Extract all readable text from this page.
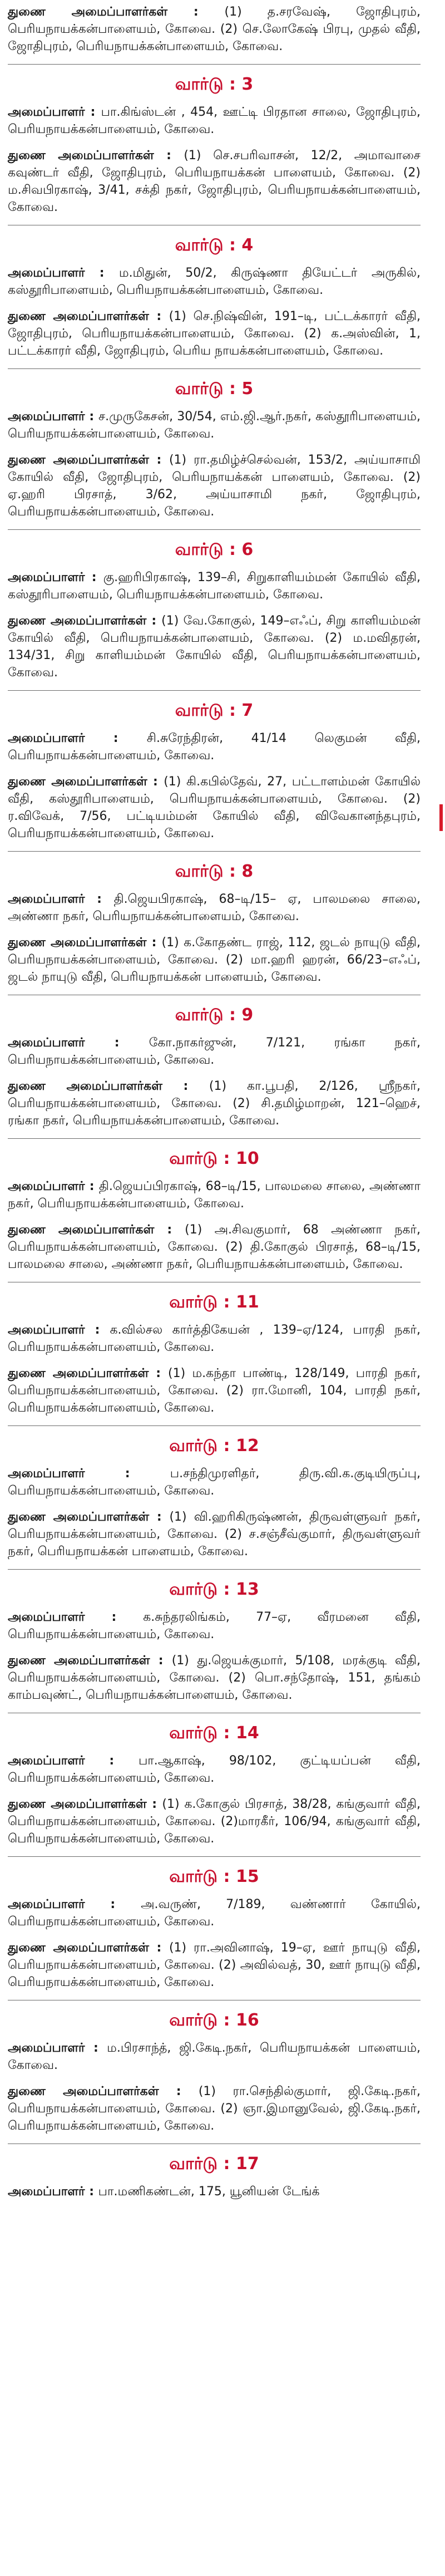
துணை அமைப்பாளர்கள் : (1) த.சரவேஷ், ஜோதிபுரம், பெரியநாயக்கன்பாளையம், கோவை. (2) செ.லோகேஷ் பிரபு, முதல் வீதி, ஜோதிபுரம், பெரியநாயக்கன்பாளையம், கோவை.

வார்டு : 3

அமைப்பாளர் : பா.கிங்ஸ்டன் , 454, ஊட்டி பிரதான சாலை, ஜோதிபுரம், பெரியநாயக்கன்பாளையம், கோவை.

துணை அமைப்பாளர்கள் : (1) செ.சபரிவாசன், 12/2, அமாவாசை கவுண்டர் வீதி, ஜோதிபுரம், பெரியநாயக்கன் பாளையம், கோவை. (2) ம.சிவபிரகாஷ், 3/41, சக்தி நகர், ஜோதிபுரம், பெரியநாயக்கன்பாளையம், கோவை.

வார்டு : 4

அமைப்பாளர் : ம.மிதுன், 50/2, கிருஷ்ணா தியேட்டர் அருகில், கஸ்தூரிபாளையம், பெரியநாயக்கன்பாளையம், கோவை.

துணை அமைப்பாளர்கள் : (1) செ.நிஷ்வின், 191–டி, பட்டக்காரர் வீதி, ஜோதிபுரம், பெரியநாயக்கன்பாளையம், கோவை. (2) க.அஸ்வின், 1, பட்டக்காரர் வீதி, ஜோதிபுரம், பெரிய நாயக்கன்பாளையம், கோவை.

வார்டு : 5

அமைப்பாளர் : ச.முருகேசன், 30/54, எம்.ஜி.ஆர்.நகர், கஸ்தூரிபாளையம், பெரியநாயக்கன்பாளையம், கோவை.

துணை அமைப்பாளர்கள் : (1) ரா.தமிழ்ச்செல்வன், 153/2, அய்யாசாமி கோயில் வீதி, ஜோதிபுரம், பெரியநாயக்கன் பாளையம், கோவை. (2) ஏ.ஹரி பிரசாத், 3/62, அய்யாசாமி நகர், ஜோதிபுரம், பெரியநாயக்கன்பாளையம், கோவை.

வார்டு : 6

அமைப்பாளர் : கு.ஹரிபிரகாஷ், 139–சி, சிறுகாளியம்மன் கோயில் வீதி, கஸ்தூரிபாளையம், பெரியநாயக்கன்பாளையம், கோவை.

துணை அமைப்பாளர்கள் : (1) வே.கோகுல், 149–எஃப், சிறு காளியம்மன் கோயில் வீதி, பெரியநாயக்கன்பாளையம், கோவை. (2) ம.மவிதரன், 134/31, சிறு காளியம்மன் கோயில் வீதி, பெரியநாயக்கன்பாளையம், கோவை.

வார்டு : 7

அமைப்பாளர் : சி.சுரேந்திரன், 41/14 லெகுமன் வீதி, பெரியநாயக்கன்பாளையம், கோவை.

துணை அமைப்பாளர்கள் : (1) கி.கபில்தேவ், 27, பட்டாளம்மன் கோயில் வீதி, கஸ்தூரிபாளையம், பெரியநாயக்கன்பாளையம், கோவை. (2) ர.விவேக், 7/56, பட்டியம்மன் கோயில் வீதி, விவேகானந்தபுரம், பெரியநாயக்கன்பாளையம், கோவை.

வார்டு : 8

அமைப்பாளர் : தி.ஜெயபிரகாஷ், 68–டி/15– ஏ, பாலமலை சாலை, அண்ணா நகர், பெரியநாயக்கன்பாளையம், கோவை.

துணை அமைப்பாளர்கள் : (1) க.கோதண்ட ராஜ், 112, ஜடல் நாயுடு வீதி, பெரியநாயக்கன்பாளையம், கோவை. (2) மா.ஹரி ஹரன், 66/23–எஃப், ஜடல் நாயுடு வீதி, பெரியநாயக்கன் பாளையம், கோவை.

வார்டு : 9

அமைப்பாளர் : கோ.நாகர்ஜுன், 7/121, ரங்கா நகர், பெரியநாயக்கன்பாளையம், கோவை.

துணை அமைப்பாளர்கள் : (1) கா.பூபதி, 2/126, ஸ்ரீநகர், பெரியநாயக்கன்பாளையம், கோவை. (2) சி.தமிழ்மாறன், 121–ஹெச், ரங்கா நகர், பெரியநாயக்கன்பாளையம், கோவை.

வார்டு : 10

அமைப்பாளர் : தி.ஜெயப்பிரகாஷ், 68–டி/15, பாலமலை சாலை, அண்ணா நகர், பெரியநாயக்கன்பாளையம், கோவை.

துணை அமைப்பாளர்கள் : (1) அ.சிவகுமார், 68 அண்ணா நகர், பெரியநாயக்கன்பாளையம், கோவை. (2) தி.கோகுல் பிரசாத், 68–டி/15, பாலமலை சாலை, அண்ணா நகர், பெரியநாயக்கன்பாளையம், கோவை.

வார்டு : 11

அமைப்பாளர் : க.வில்சல கார்த்திகேயன் , 139–ஏ/124, பாரதி நகர், பெரியநாயக்கன்பாளையம், கோவை.

துணை அமைப்பாளர்கள் : (1) ம.கந்தா பாண்டி, 128/149, பாரதி நகர், பெரியநாயக்கன்பாளையம், கோவை. (2) ரா.மோனி, 104, பாரதி நகர், பெரியநாயக்கன்பாளையம், கோவை.

வார்டு : 12

அமைப்பாளர் : ப.சந்திமுரளிதர், திரு.வி.க.குடியிருப்பு, பெரியநாயக்கன்பாளையம், கோவை.

துணை அமைப்பாளர்கள் : (1) வி.ஹரிகிருஷ்ணன், திருவள்ளுவர் நகர், பெரியநாயக்கன்பாளையம், கோவை. (2) ச.சஞ்சீவ்குமார், திருவள்ளுவர் நகர், பெரியநாயக்கன் பாளையம், கோவை.

வார்டு : 13

அமைப்பாளர் : க.சுந்தரலிங்கம், 77–ஏ, வீரமனை வீதி, பெரியநாயக்கன்பாளையம், கோவை.

துணை அமைப்பாளர்கள் : (1) து.ஜெயக்குமார், 5/108, மரக்குடி வீதி, பெரியநாயக்கன்பாளையம், கோவை. (2) பொ.சந்தோஷ், 151, தங்கம் காம்பவுண்ட், பெரியநாயக்கன்பாளையம், கோவை.

வார்டு : 14

அமைப்பாளர் : பா.ஆகாஷ், 98/102, குட்டியப்பன் வீதி, பெரியநாயக்கன்பாளையம், கோவை.

துணை அமைப்பாளர்கள் : (1) க.கோகுல் பிரசாத், 38/28, கங்குவார் வீதி, பெரியநாயக்கன்பாளையம், கோவை. (2)மாரகீர், 106/94, கங்குவார் வீதி, பெரியநாயக்கன்பாளையம், கோவை.

வார்டு : 15

அமைப்பாளர் : அ.வருண், 7/189, வண்ணார் கோயில், பெரியநாயக்கன்பாளையம், கோவை.

துணை அமைப்பாளர்கள் : (1) ரா.அவினாஷ், 19–ஏ, ஊர் நாயுடு வீதி, பெரியநாயக்கன்பாளையம், கோவை. (2) அவில்வத், 30, ஊர் நாயுடு வீதி, பெரியநாயக்கன்பாளையம், கோவை.

வார்டு : 16

அமைப்பாளர் : ம.பிரசாந்த், ஜி.கேடி.நகர், பெரியநாயக்கன் பாளையம், கோவை.

துணை அமைப்பாளர்கள் : (1) ரா.செந்தில்குமார், ஜி.கேடி.நகர், பெரியநாயக்கன்பாளையம், கோவை. (2) ஞா.இமானுவேல், ஜி.கேடி.நகர், பெரியநாயக்கன்பாளையம், கோவை.

வார்டு : 17

அமைப்பாளர் : பா.மணிகண்டன், 175, யூனியன் டேங்க்
